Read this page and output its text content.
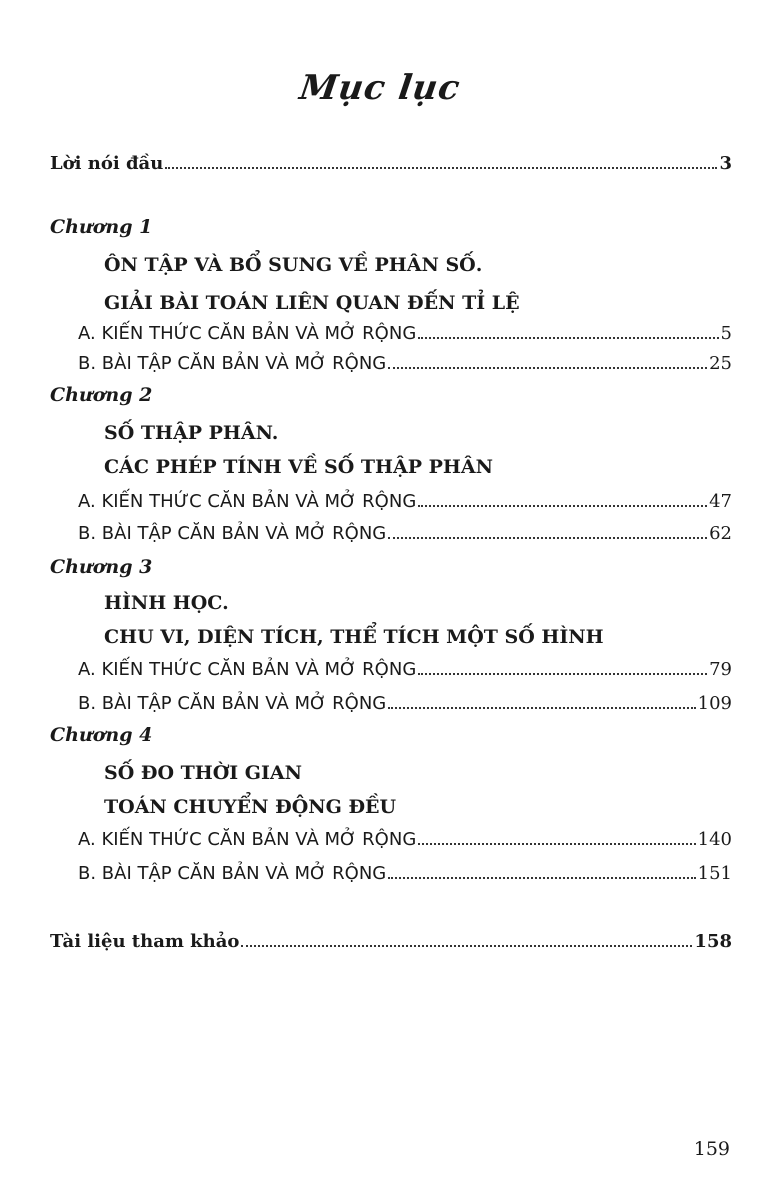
Mục lục
Lời nói đầu	3
Chương 1
ÔN TẬP VÀ BỔ SUNG VỀ PHÂN SỐ.
GIẢI BÀI TOÁN LIÊN QUAN ĐẾN TỈ LỆ
A. KIẾN THỨC CĂN BẢN VÀ MỞ RỘNG	5
B. BÀI TẬP CĂN BẢN VÀ MỞ RỘNG	25
Chương 2
SỐ THẬP PHÂN.
CÁC PHÉP TÍNH VỀ SỐ THẬP PHÂN
A. KIẾN THỨC CĂN BẢN VÀ MỞ RỘNG	47
B. BÀI TẬP CĂN BẢN VÀ MỞ RỘNG	62
Chương 3
HÌNH HỌC.
CHU VI, DIỆN TÍCH, THỂ TÍCH MỘT SỐ HÌNH
A. KIẾN THỨC CĂN BẢN VÀ MỞ RỘNG	79
B. BÀI TẬP CĂN BẢN VÀ MỞ RỘNG	109
Chương 4
SỐ ĐO THỜI GIAN
TOÁN CHUYỂN ĐỘNG ĐỀU
A. KIẾN THỨC CĂN BẢN VÀ MỞ RỘNG	140
B. BÀI TẬP CĂN BẢN VÀ MỞ RỘNG	151
Tài liệu tham khảo	158
159
